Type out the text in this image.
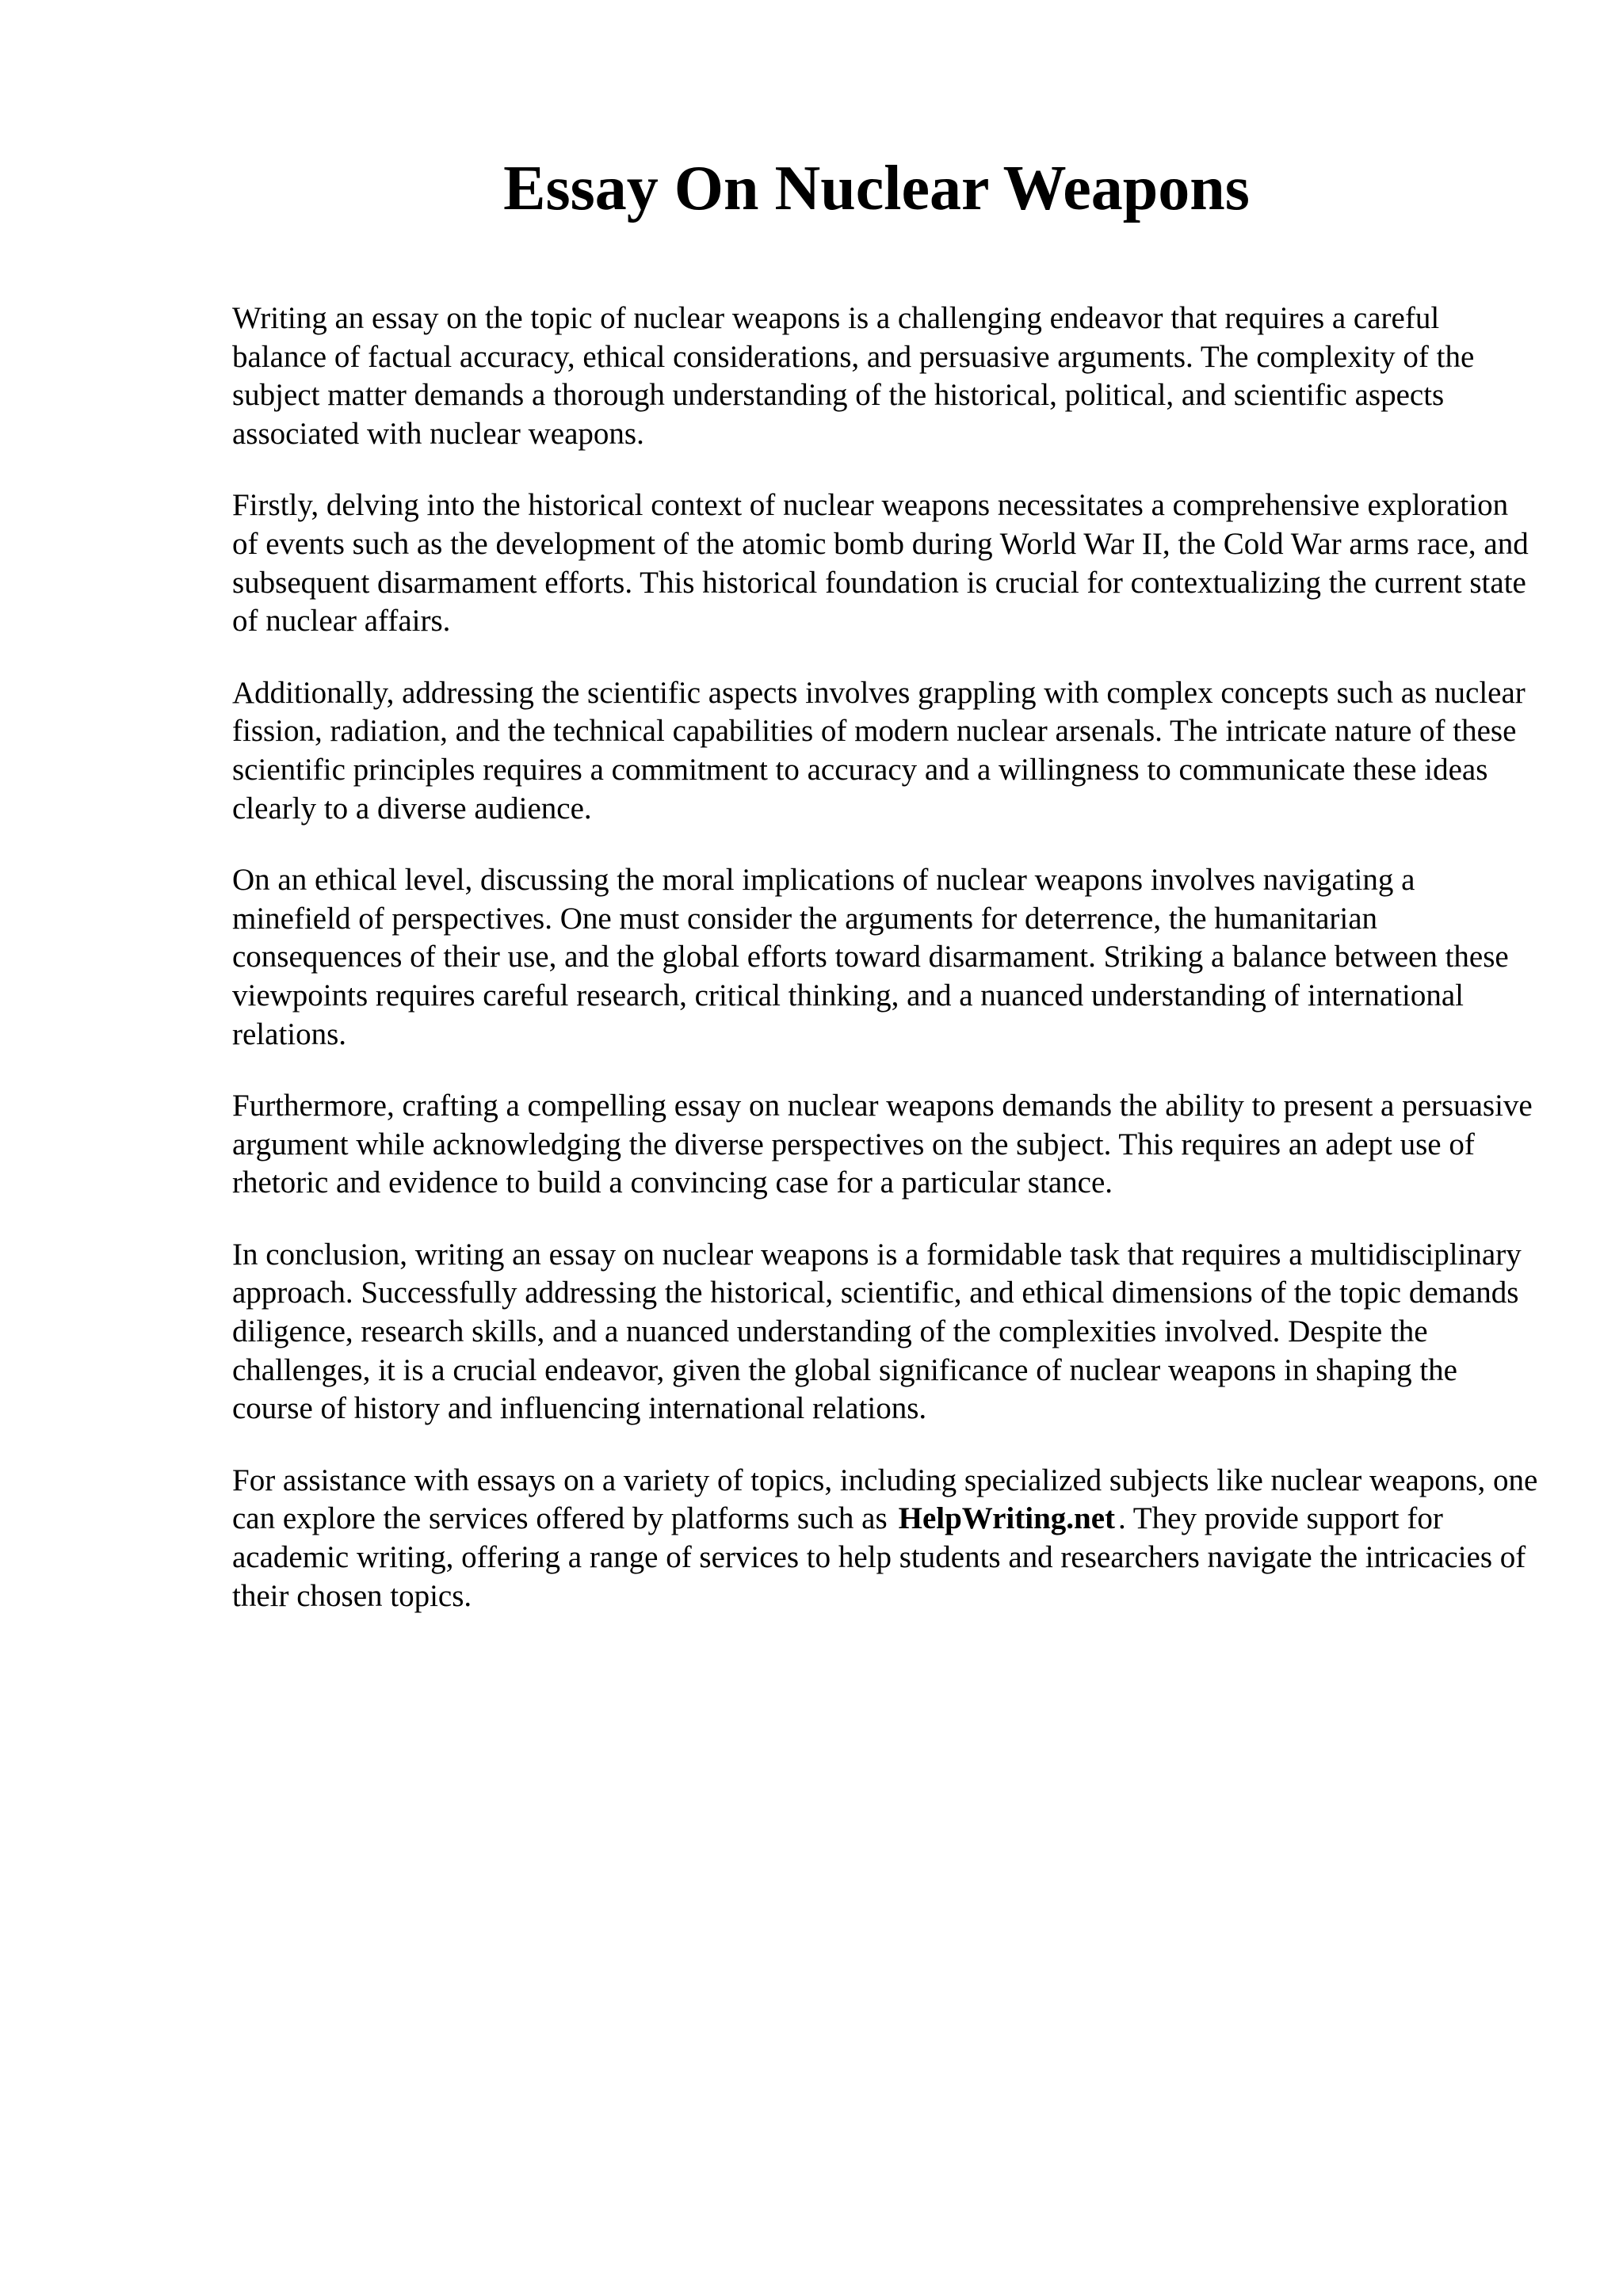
Essay On Nuclear Weapons

Writing an essay on the topic of nuclear weapons is a challenging endeavor that requires a careful balance of factual accuracy, ethical considerations, and persuasive arguments. The complexity of the subject matter demands a thorough understanding of the historical, political, and scientific aspects associated with nuclear weapons.

Firstly, delving into the historical context of nuclear weapons necessitates a comprehensive exploration of events such as the development of the atomic bomb during World War II, the Cold War arms race, and subsequent disarmament efforts. This historical foundation is crucial for contextualizing the current state of nuclear affairs.

Additionally, addressing the scientific aspects involves grappling with complex concepts such as nuclear fission, radiation, and the technical capabilities of modern nuclear arsenals. The intricate nature of these scientific principles requires a commitment to accuracy and a willingness to communicate these ideas clearly to a diverse audience.

On an ethical level, discussing the moral implications of nuclear weapons involves navigating a minefield of perspectives. One must consider the arguments for deterrence, the humanitarian consequences of their use, and the global efforts toward disarmament. Striking a balance between these viewpoints requires careful research, critical thinking, and a nuanced understanding of international relations.

Furthermore, crafting a compelling essay on nuclear weapons demands the ability to present a persuasive argument while acknowledging the diverse perspectives on the subject. This requires an adept use of rhetoric and evidence to build a convincing case for a particular stance.

In conclusion, writing an essay on nuclear weapons is a formidable task that requires a multidisciplinary approach. Successfully addressing the historical, scientific, and ethical dimensions of the topic demands diligence, research skills, and a nuanced understanding of the complexities involved. Despite the challenges, it is a crucial endeavor, given the global significance of nuclear weapons in shaping the course of history and influencing international relations.

For assistance with essays on a variety of topics, including specialized subjects like nuclear weapons, one can explore the services offered by platforms such as HelpWriting.net . They provide support for academic writing, offering a range of services to help students and researchers navigate the intricacies of their chosen topics.
